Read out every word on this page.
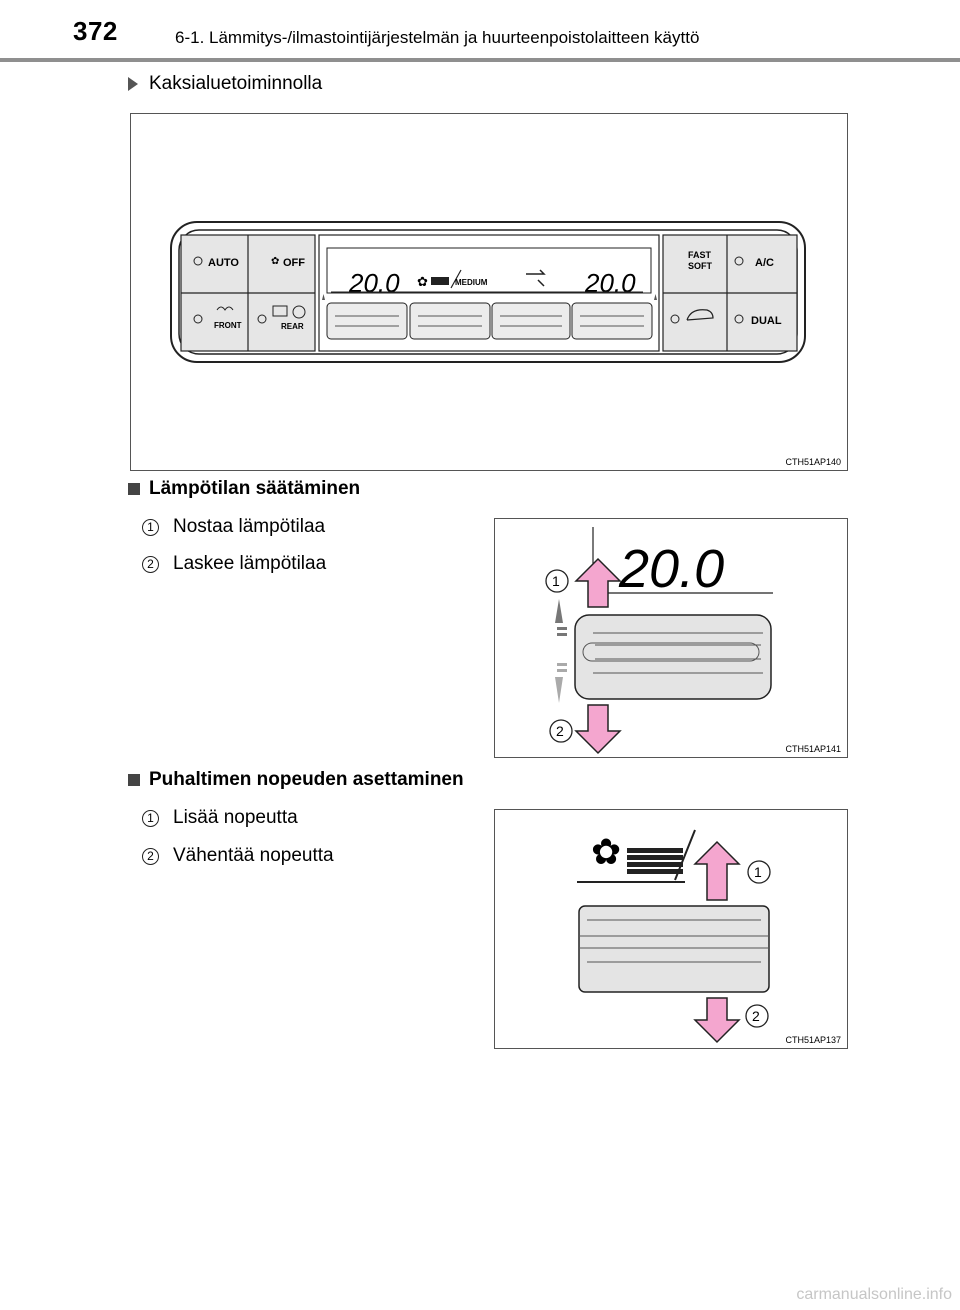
372	6-1. Lämmitys-/ilmastointijärjestelmän ja huurteenpoistolaitteen käyttö
Kaksialuetoiminnolla
AUTO	✿ OFF
FRONT	REAR
20.0 ✿	MEDIUM	20.0
FAST
SOFT	A/C
DUAL
CTH51AP140
Lämpötilan säätäminen
1 Nostaa lämpötilaa
2 Laskee lämpötilaa	20.0
1
2
CTH51AP141
Puhaltimen nopeuden asettaminen
1 Lisää nopeutta
2 Vähentää nopeutta	✿	1
2
CTH51AP137
carmanualsonline.info
